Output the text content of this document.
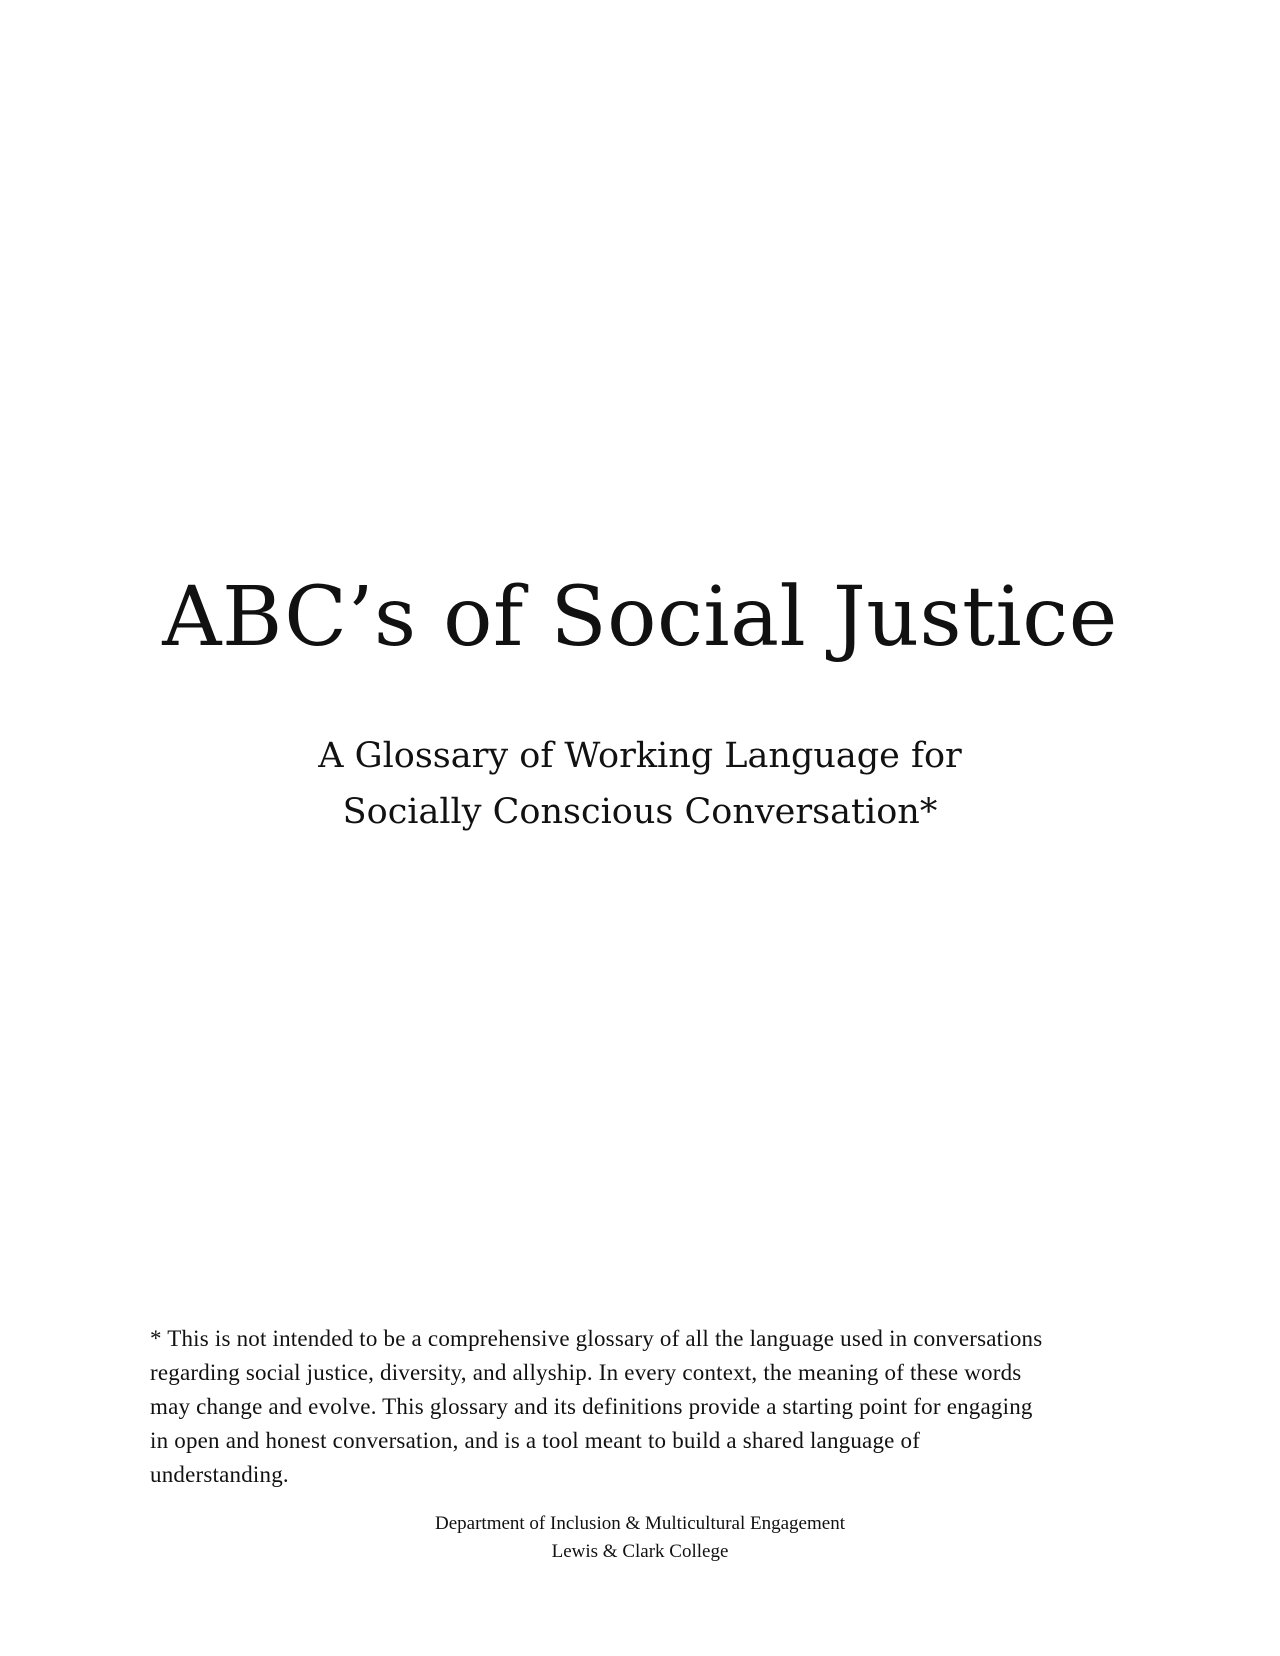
ABC’s of Social Justice
A Glossary of Working Language for
Socially Conscious Conversation*
* This is not intended to be a comprehensive glossary of all the language used in conversations
regarding social justice, diversity, and allyship. In every context, the meaning of these words
may change and evolve. This glossary and its definitions provide a starting point for engaging
in open and honest conversation, and is a tool meant to build a shared language of
understanding.
Department of Inclusion & Multicultural Engagement
Lewis & Clark College
